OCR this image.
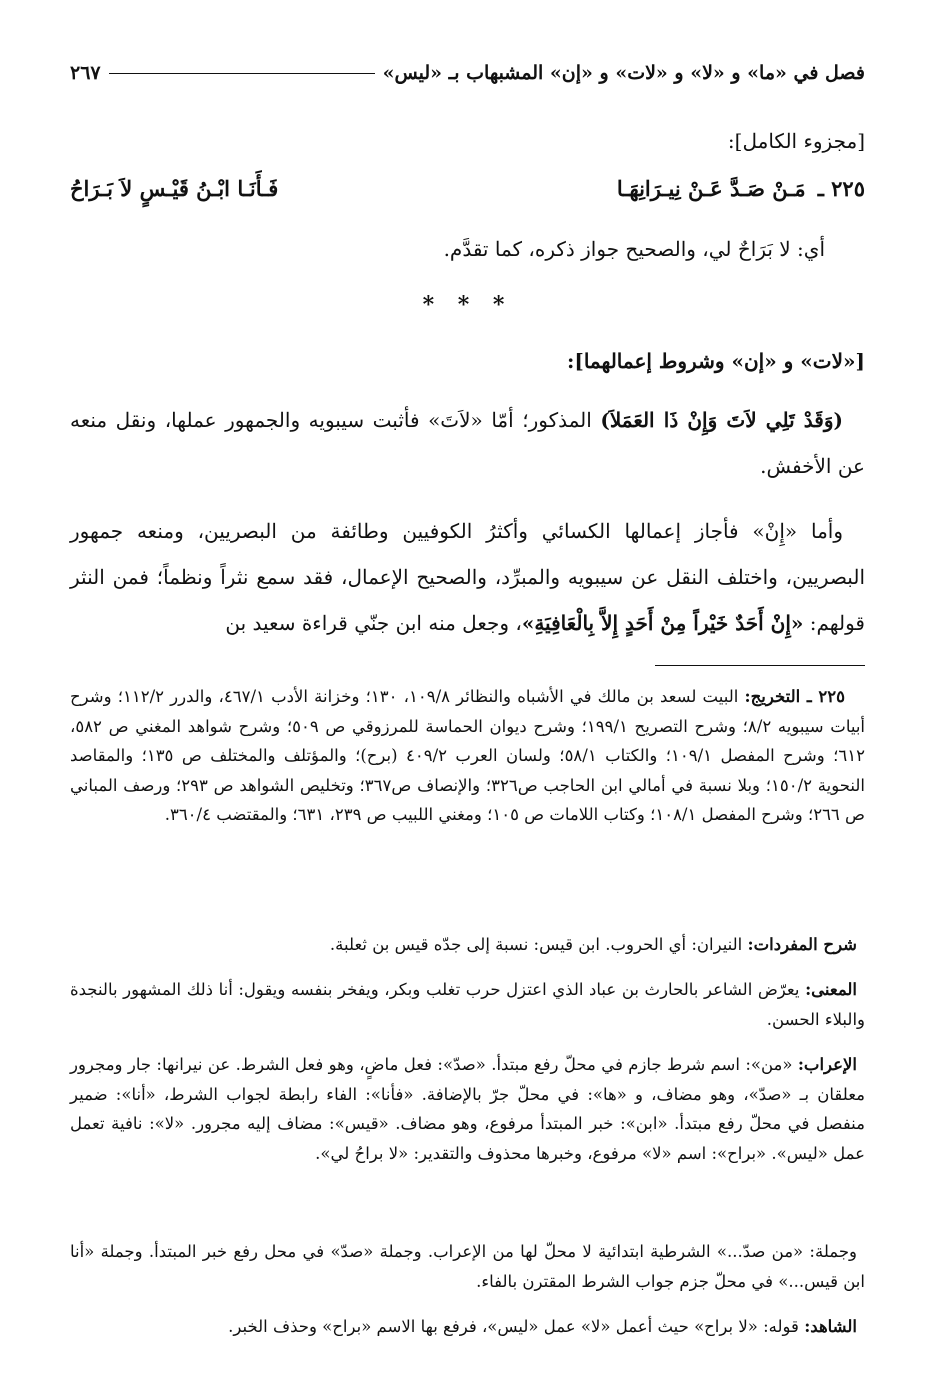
فصل في «ما» و «لا» و «لات» و «إن» المشبهاب بـ «ليس»
٢٦٧
[مجزوء الكامل]:
٢٢٥ ـ
مَـنْ صَـدَّ عَـنْ نِيـرَانِهَـا
فَـأَنَـا ابْـنُ قَيْـسٍ لاَ بَـرَاحُ
أي: لا بَرَاحٌ لي، والصحيح جواز ذكره، كما تقدَّم.
* * *
[«لات» و «إن» وشروط إعمالهما]:
(وَقَدْ تَلِي لاَتَ وَإِنْ ذَا العَمَلاَ) المذكور؛ أمّا «لاَتَ» فأثبت سيبويه والجمهور عملها، ونقل منعه عن الأخفش.
وأما «إِنْ» فأجاز إعمالها الكسائي وأكثرُ الكوفيين وطائفة من البصريين، ومنعه جمهور البصريين، واختلف النقل عن سيبويه والمبرِّد، والصحيح الإعمال، فقد سمع نثراً ونظماً؛ فمن النثر قولهم: «إِنْ أَحَدٌ خَيْراً مِنْ أَحَدٍ إِلاَّ بِالْعَافِيَةِ»، وجعل منه ابن جنّي قراءة سعيد بن
٢٢٥ ـ التخريج: البيت لسعد بن مالك في الأشباه والنظائر ١٠٩/٨، ١٣٠؛ وخزانة الأدب ٤٦٧/١، والدرر ١١٢/٢؛ وشرح أبيات سيبويه ٨/٢؛ وشرح التصريح ١٩٩/١؛ وشرح ديوان الحماسة للمرزوقي ص ٥٠٩؛ وشرح شواهد المغني ص ٥٨٢، ٦١٢؛ وشرح المفصل ١٠٩/١؛ والكتاب ٥٨/١؛ ولسان العرب ٤٠٩/٢ (برح)؛ والمؤتلف والمختلف ص ١٣٥؛ والمقاصد النحوية ١٥٠/٢؛ وبلا نسبة في أمالي ابن الحاجب ص٣٢٦؛ والإنصاف ص٣٦٧؛ وتخليص الشواهد ص ٢٩٣؛ ورصف المباني ص ٢٦٦؛ وشرح المفصل ١٠٨/١؛ وكتاب اللامات ص ١٠٥؛ ومغني اللبيب ص ٢٣٩، ٦٣١؛ والمقتضب ٣٦٠/٤.
شرح المفردات: النيران: أي الحروب. ابن قيس: نسبة إلى جدّه قيس بن ثعلبة.
المعنى: يعرّض الشاعر بالحارث بن عباد الذي اعتزل حرب تغلب وبكر، ويفخر بنفسه ويقول: أنا ذلك المشهور بالنجدة والبلاء الحسن.
الإعراب: «من»: اسم شرط جازم في محلّ رفع مبتدأ. «صدّ»: فعل ماضٍ، وهو فعل الشرط. عن نيرانها: جار ومجرور معلقان بـ «صدّ»، وهو مضاف، و «ها»: في محلّ جرّ بالإضافة. «فأنا»: الفاء رابطة لجواب الشرط، «أنا»: ضمير منفصل في محلّ رفع مبتدأ. «ابن»: خبر المبتدأ مرفوع، وهو مضاف. «قيس»: مضاف إليه مجرور. «لا»: نافية تعمل عمل «ليس». «براح»: اسم «لا» مرفوع، وخبرها محذوف والتقدير: «لا براحُ لي».
وجملة: «من صدّ...» الشرطية ابتدائية لا محلّ لها من الإعراب. وجملة «صدّ» في محل رفع خبر المبتدأ. وجملة «أنا ابن قيس...» في محلّ جزم جواب الشرط المقترن بالفاء.
الشاهد: قوله: «لا براح» حيث أعمل «لا» عمل «ليس»، فرفع بها الاسم «براح» وحذف الخبر.
